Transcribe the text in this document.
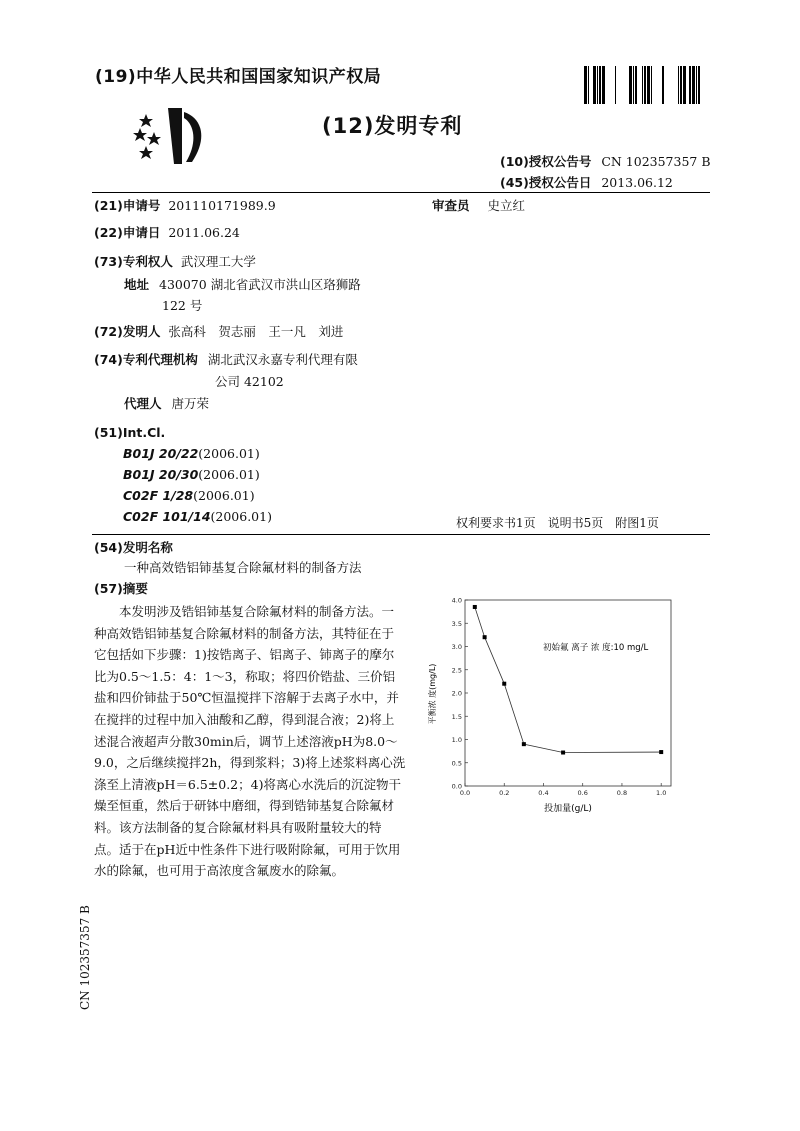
(19)中华人民共和国国家知识产权局
(12)发明专利
(10)授权公告号 CN 102357357 B
(45)授权公告日 2013.06.12
(21)申请号 201110171989.9	审查员 史立红
(22)申请日 2011.06.24
(73)专利权人 武汉理工大学
地址 430070 湖北省武汉市洪山区珞狮路
122 号
(72)发明人 张高科　贺志丽　王一凡　刘进
(74)专利代理机构 湖北武汉永嘉专利代理有限
公司 42102
代理人 唐万荣
(51)Int.Cl.
B01J 20/22(2006.01)
B01J 20/30(2006.01)
C02F 1/28(2006.01)
C02F 101/14(2006.01)	权利要求书1页　说明书5页　附图1页
(54)发明名称
一种高效锆铝铈基复合除氟材料的制备方法
(57)摘要
本发明涉及锆铝铈基复合除氟材料的制备方法。一种高效锆铝铈基复合除氟材料的制备方法，其特征在于它包括如下步骤：1)按锆离子、铝离子、铈离子的摩尔比为0.5～1.5：4：1～3，称取；将四价锆盐、三价铝盐和四价铈盐于50℃恒温搅拌下溶解于去离子水中，并在搅拌的过程中加入油酸和乙醇，得到混合液；2)将上述混合液超声分散30min后，调节上述溶液pH为8.0～9.0，之后继续搅拌2h，得到浆料；3)将上述浆料离心洗涤至上清液pH＝6.5±0.2；4)将离心水洗后的沉淀物干燥至恒重，然后于研钵中磨细，得到锆铈基复合除氟材料。该方法制备的复合除氟材料具有吸附量较大的特点。适于在pH近中性条件下进行吸附除氟，可用于饮用水的除氟，也可用于高浓度含氟废水的除氟。
0.0
0.5
1.0
1.5
2.0
2.5
3.0
3.5
4.0
0.0	0.2	0.4	0.6	0.8	1.0
投加量(g/L)
平衡浓 度(mg/L)
初始氟 离子 浓 度:10 mg/L
CN 102357357 B
